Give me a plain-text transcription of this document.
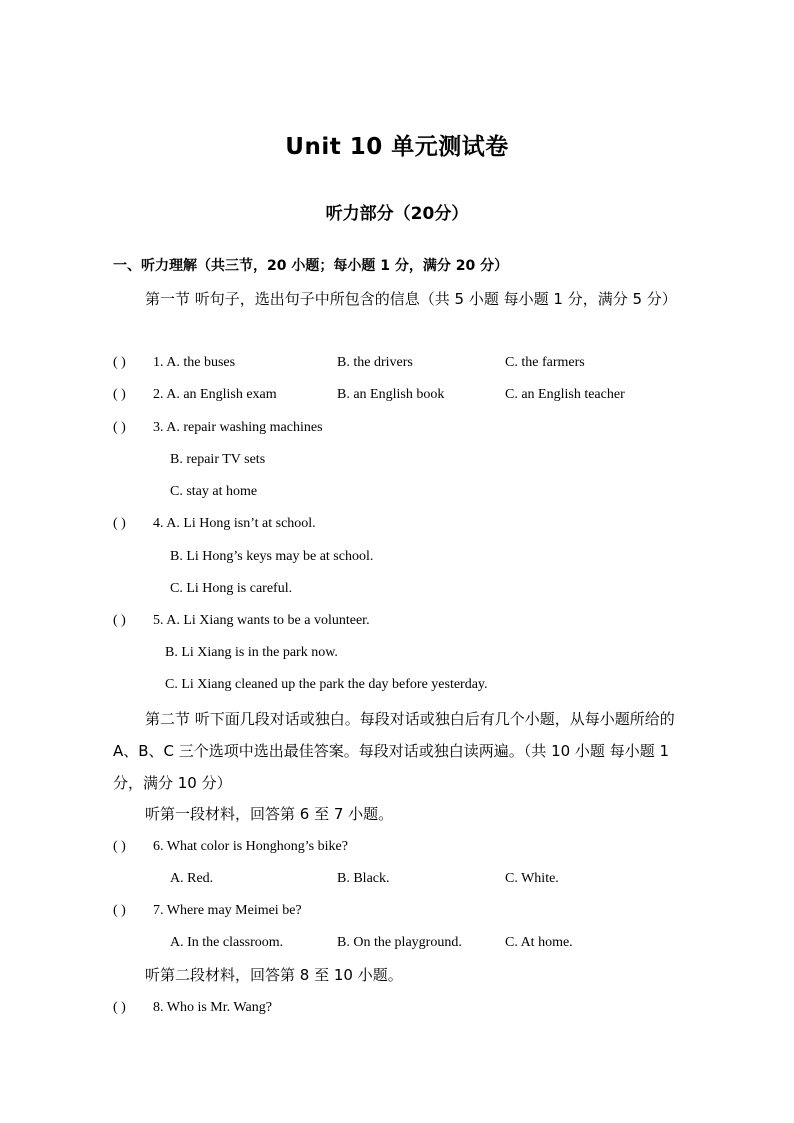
Unit 10 单元测试卷
听力部分（20分）
一、听力理解（共三节，20 小题；每小题 1 分，满分 20 分）
第一节 听句子，选出句子中所包含的信息（共 5 小题 每小题 1 分，满分 5 分）
( ) 1. A. the buses	B. the drivers	C. the farmers
( ) 2. A. an English exam	B. an English book	C. an English teacher
( ) 3. A. repair washing machines
B. repair TV sets
C. stay at home
( ) 4. A. Li Hong isn’t at school.
B. Li Hong’s keys may be at school.
C. Li Hong is careful.
( ) 5. A. Li Xiang wants to be a volunteer.
B. Li Xiang is in the park now.
C. Li Xiang cleaned up the park the day before yesterday.
第二节 听下面几段对话或独白。每段对话或独白后有几个小题，从每小题所给的 A、B、C 三个选项中选出最佳答案。每段对话或独白读两遍。（共 10 小题 每小题 1 分，满分 10 分）
听第一段材料，回答第 6 至 7 小题。
( ) 6. What color is Honghong’s bike?
A. Red.	B. Black.	C. White.
( ) 7. Where may Meimei be?
A. In the classroom.	B. On the playground.	C. At home.
听第二段材料，回答第 8 至 10 小题。
( ) 8. Who is Mr. Wang?
